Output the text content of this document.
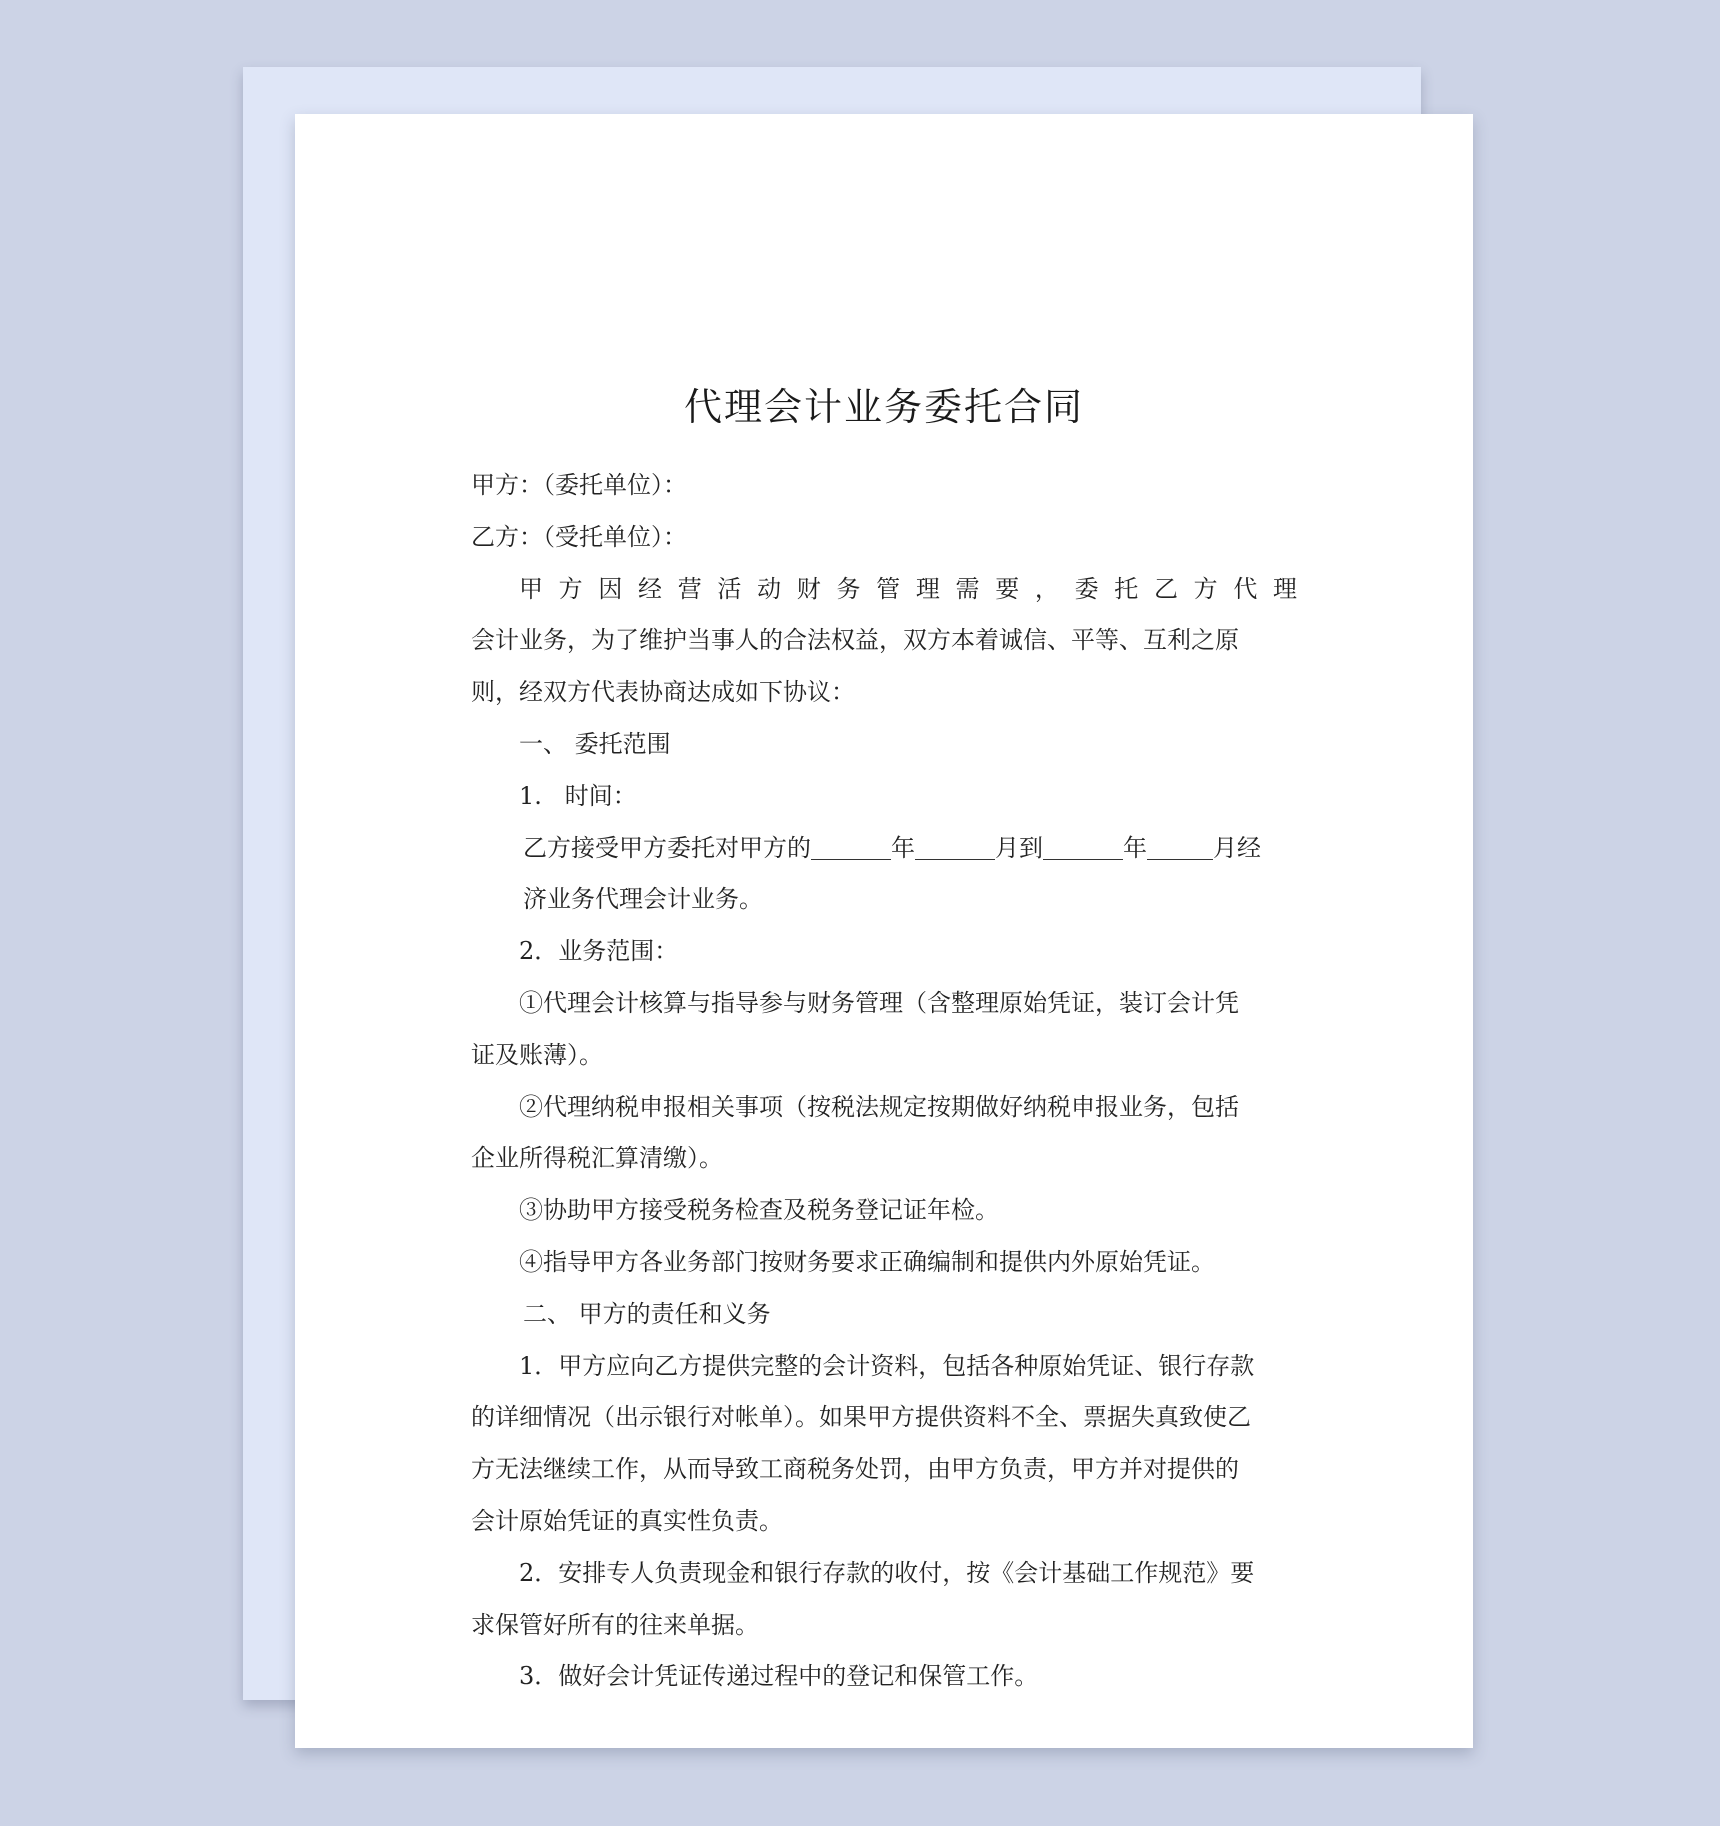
代理会计业务委托合同

甲方：（委托单位）：

乙方：（受托单位）：

甲方因经营活动财务管理需要，委托乙方代理

会计业务，为了维护当事人的合法权益，双方本着诚信、平等、互利之原

则，经双方代表协商达成如下协议：

一、 委托范围

1.   时间：

乙方接受甲方委托对甲方的	年	月到	年	月经

济业务代理会计业务。

2．业务范围：

①代理会计核算与指导参与财务管理（含整理原始凭证，装订会计凭

证及账薄）。

②代理纳税申报相关事项（按税法规定按期做好纳税申报业务，包括

企业所得税汇算清缴）。

③协助甲方接受税务检查及税务登记证年检。

④指导甲方各业务部门按财务要求正确编制和提供内外原始凭证。

二、 甲方的责任和义务

1．甲方应向乙方提供完整的会计资料，包括各种原始凭证、银行存款

的详细情况（出示银行对帐单）。如果甲方提供资料不全、票据失真致使乙

方无法继续工作，从而导致工商税务处罚，由甲方负责，甲方并对提供的

会计原始凭证的真实性负责。

2．安排专人负责现金和银行存款的收付，按《会计基础工作规范》要

求保管好所有的往来单据。

3．做好会计凭证传递过程中的登记和保管工作。
